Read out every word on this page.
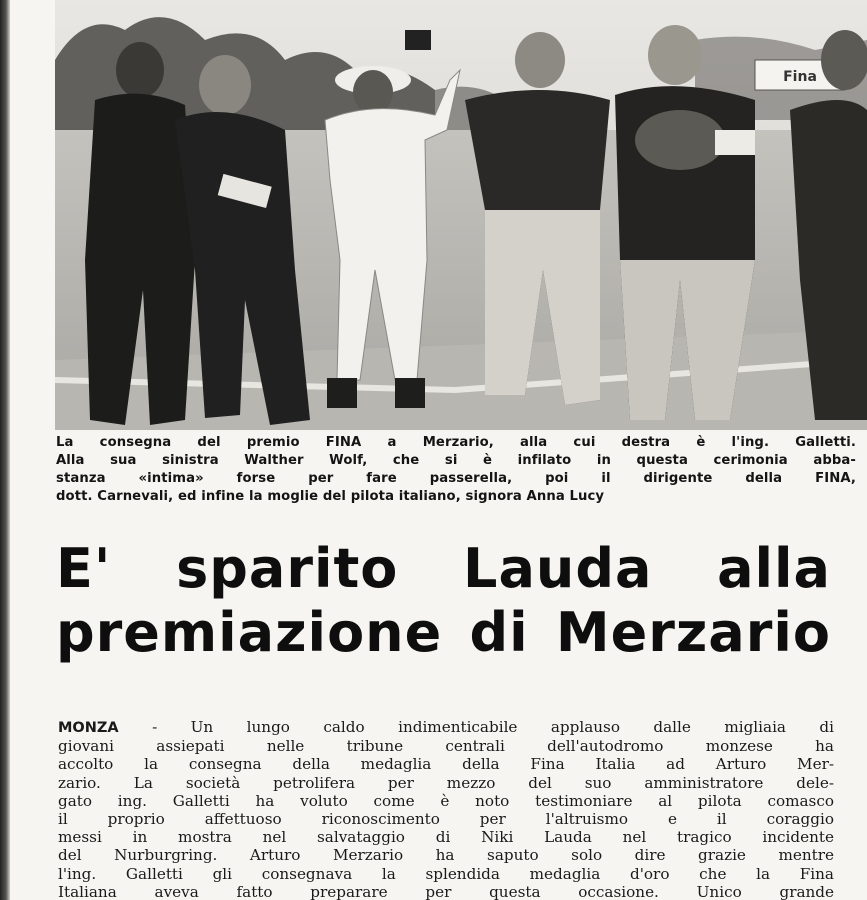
Fina
La consegna del premio FINA a Merzario, alla cui destra è l'ing. Galletti.
Alla sua sinistra Walther Wolf, che si è infilato in questa cerimonia abba-
stanza «intima» forse per fare passerella, poi il dirigente della FINA,
dott. Carnevali, ed infine la moglie del pilota italiano, signora Anna Lucy
E' sparito Lauda alla
premiazione di Merzario
MONZA - Un lungo caldo indimenticabile applauso dalle migliaia di
giovani assiepati nelle tribune centrali dell'autodromo monzese ha
accolto la consegna della medaglia della Fina Italia ad Arturo Mer-
zario. La società petrolifera per mezzo del suo amministratore dele-
gato ing. Galletti ha voluto come è noto testimoniare al pilota comasco
il proprio affettuoso riconoscimento per l'altruismo e il coraggio
messi in mostra nel salvataggio di Niki Lauda nel tragico incidente
del Nurburgring. Arturo Merzario ha saputo solo dire grazie mentre
l'ing. Galletti gli consegnava la splendida medaglia d'oro che la Fina
Italiana aveva fatto preparare per questa occasione. Unico grande
